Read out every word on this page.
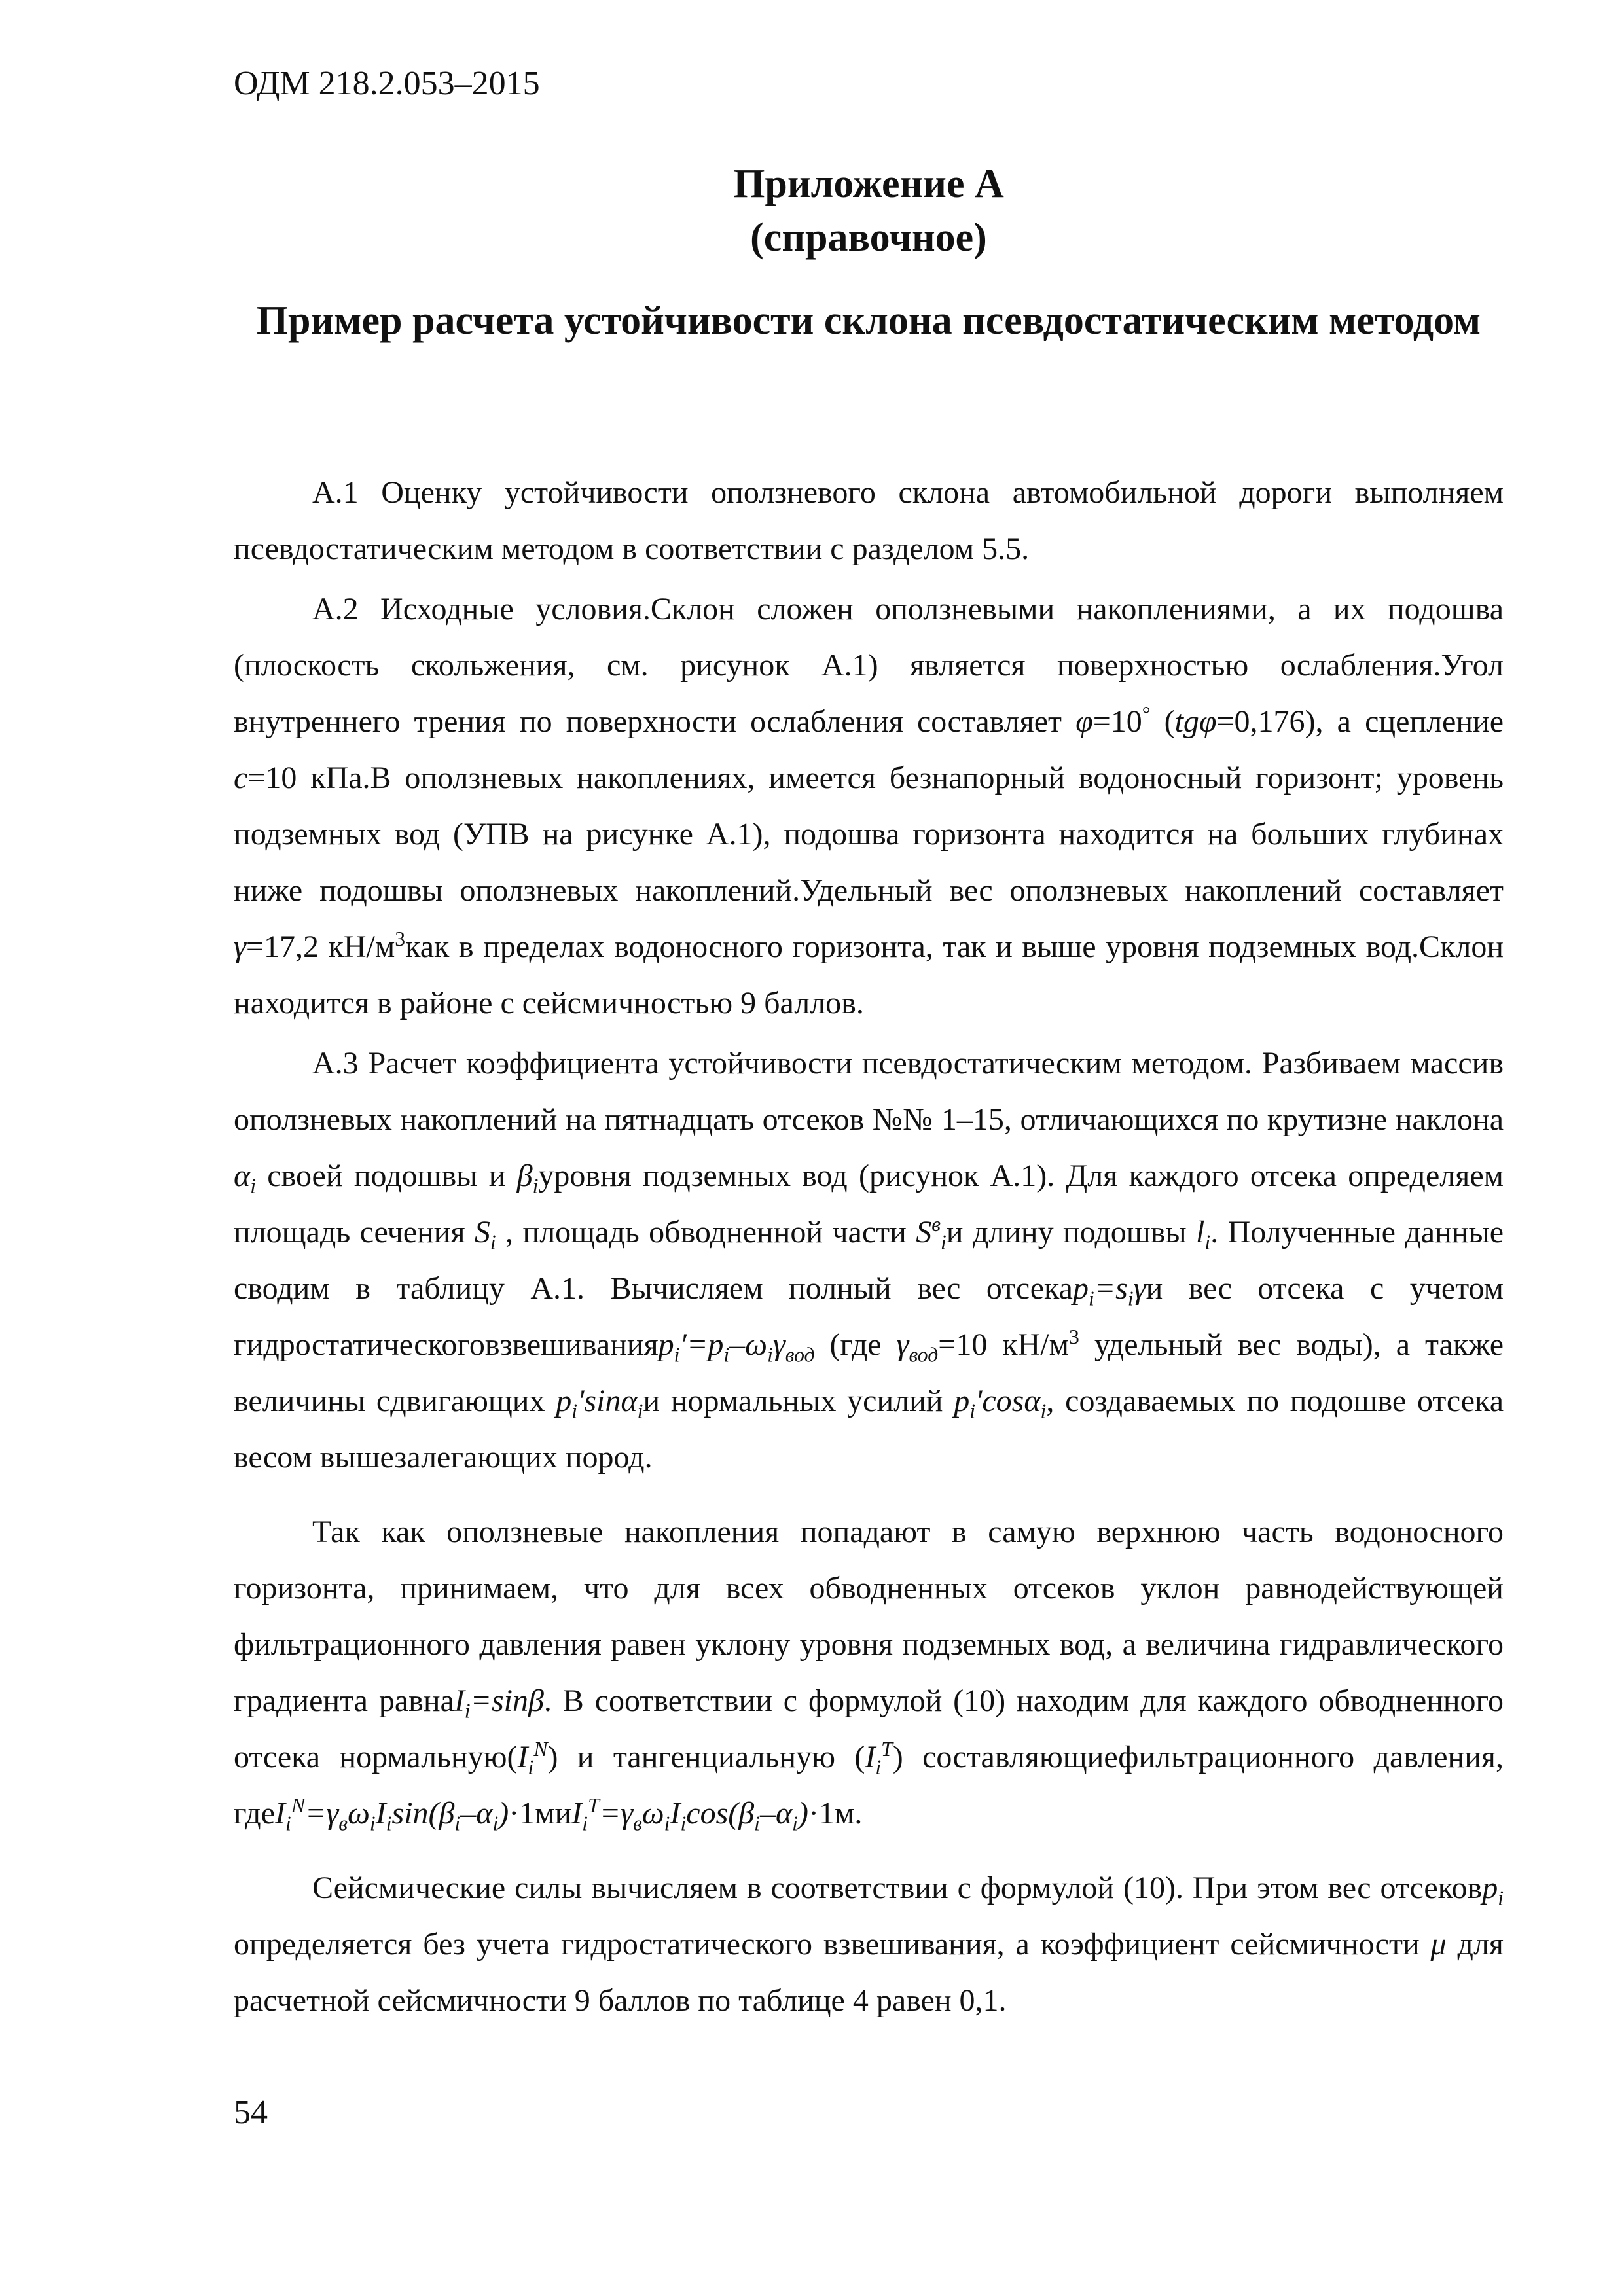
ОДМ 218.2.053–2015
Приложение А
(справочное)
Пример расчета устойчивости склона псевдостатическим методом

А.1 Оценку устойчивости оползневого склона автомобильной дороги выполняем псевдостатическим методом в соответствии с разделом 5.5.

А.2 Исходные условия.Склон сложен оползневыми накоплениями, а их подошва (плоскость скольжения, см. рисунок А.1) является поверхностью ослабления.Угол внутреннего трения по поверхности ослабления составляет φ=10° (tgφ=0,176), а сцепление c=10 кПа.В оползневых накоплениях, имеется безнапорный водоносный горизонт; уровень подземных вод (УПВ на рисунке А.1), подошва горизонта находится на больших глубинах ниже подошвы оползневых накоплений.Удельный вес оползневых накоплений составляет γ=17,2 $кН/м^3как$ в пределах водоносного горизонта, так и выше уровня подземных вод.Склон находится в районе с сейсмичностью 9 баллов.

А.3 Расчет коэффициента устойчивости псевдостатическим методом. Разбиваем массив оползневых накоплений на пятнадцать отсеков №№ 1–15, отличающихся по крутизне наклона $\alpha_i$ своей подошвы и $\beta_iуровня$ подземных вод (рисунок А.1). Для каждого отсека определяем площадь сечения $S_i$ , площадь обводненной части $S^в_iи$ длину подошвы $l_i$. Полученные данные сводим в таблицу А.1. Вычисляем полный вес $отсекаp_i=s_i\gamma и$ вес отсека с учетом $гидростатическоговзвешиванияp_i'=p_i-\omega_i\gamma_{вод}$ (где $\gamma_{вод}=10$ $кН/м^3$ удельный вес воды), а также величины сдвигающих $p_i'\sin\alpha_iи$ нормальных усилий $p_i'\cos\alpha_i$, создаваемых по подошве отсека весом вышезалегающих пород.

Так как оползневые накопления попадают в самую верхнюю часть водоносного горизонта, принимаем, что для всех обводненных отсеков уклон равнодействующей фильтрационного давления равен уклону уровня подземных вод, а величина гидравлического градиента равнаI$_i$=sinβ. В соответствии с формулой (10) находим для каждого обводненного отсека $нормальную(I_i^N)$ и тангенциальную $(I_i^T)$ составляющиефильтрационного давления, $гдеI_i^N=\gamma_в\omega_iI_i\sin(\beta_i-\alpha_i)\cdot 1миI_i^T=\gamma_в\omega_iI_i\cos(\beta_i-\alpha_i)\cdot 1м$.

Сейсмические силы вычисляем в соответствии с формулой (10). При этом вес отсековp$_i$ определяется без учета гидростатического взвешивания, а коэффициент сейсмичности μ для расчетной сейсмичности 9 баллов по таблице 4 равен 0,1.

54
